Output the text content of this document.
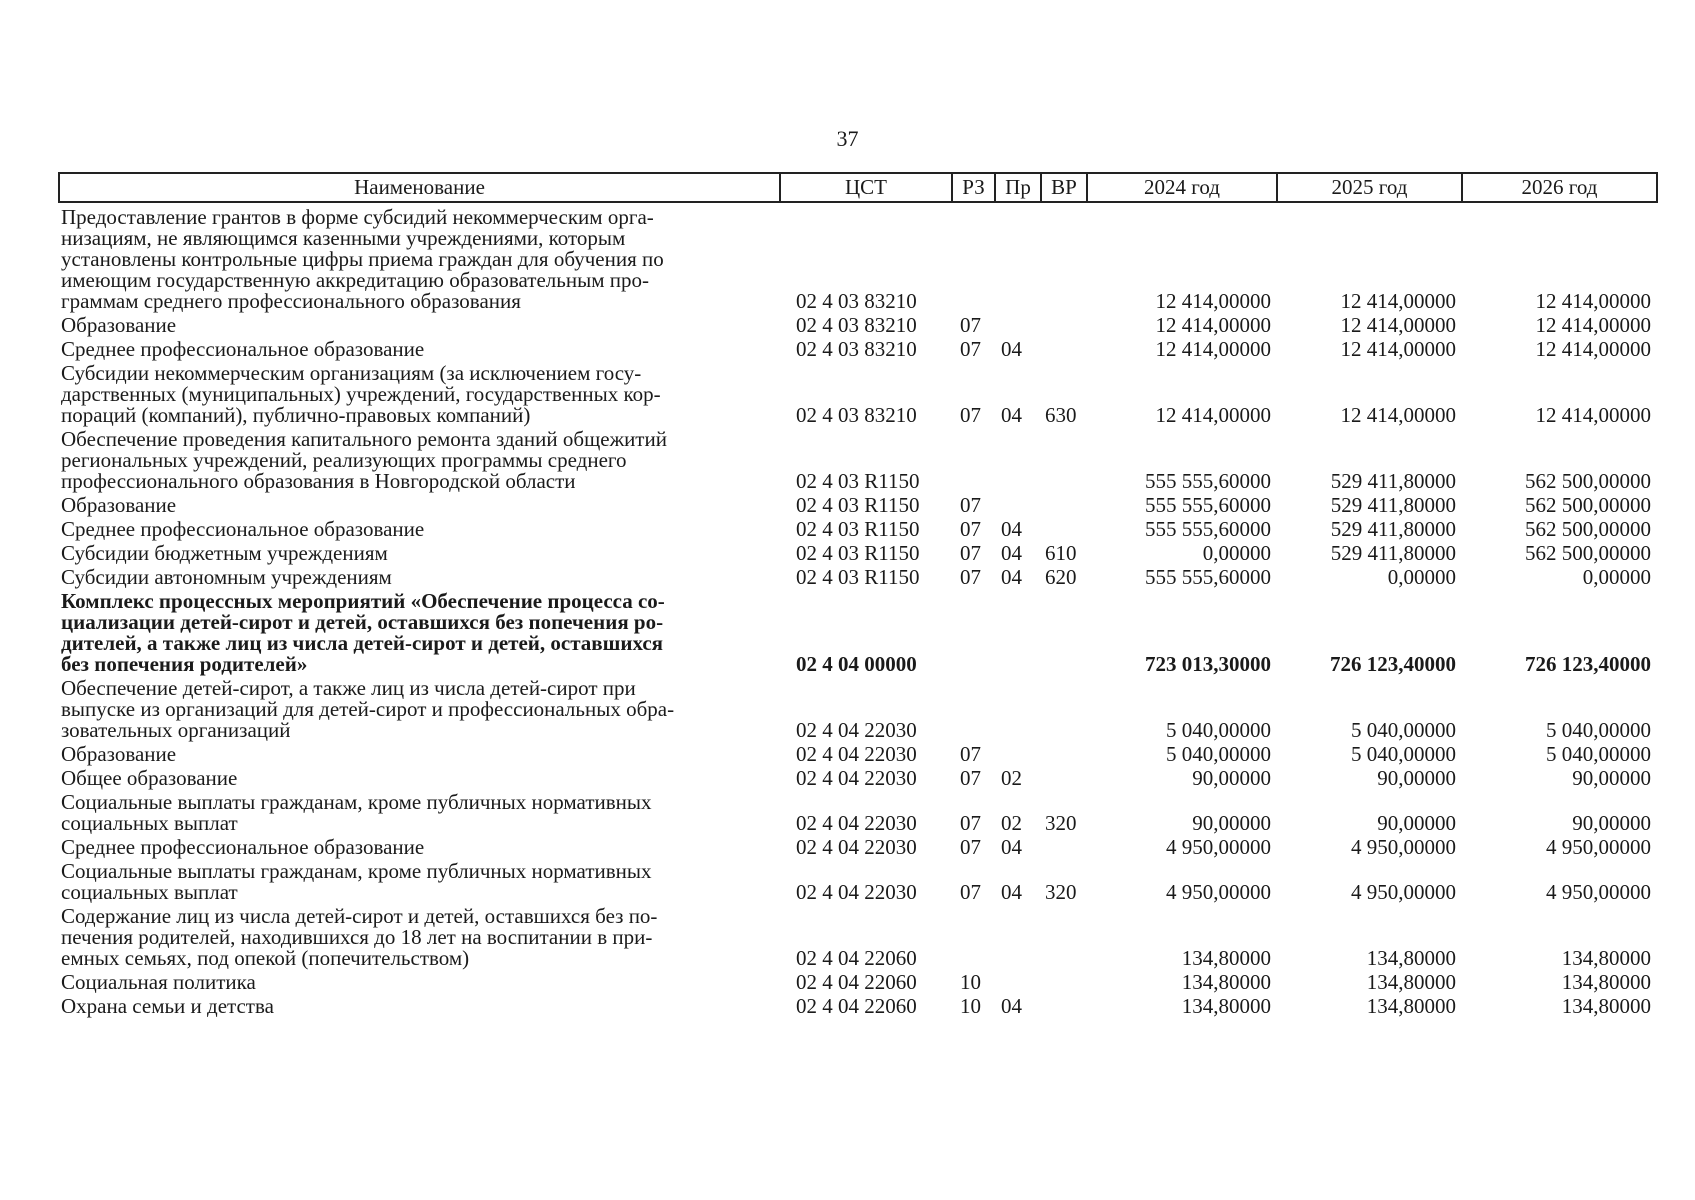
37
Наименование	ЦСТ	РЗ	Пр	ВР	2024 год	2025 год	2026 год
Предоставление грантов в форме субсидий некоммерческим орга-
низациям, не являющимся казенными учреждениями, которым
установлены контрольные цифры приема граждан для обучения по
имеющим государственную аккредитацию образовательным про-
граммам среднего профессионального образования	02 4 03 83210				12 414,00000	12 414,00000	12 414,00000
Образование	02 4 03 83210	07			12 414,00000	12 414,00000	12 414,00000
Среднее профессиональное образование	02 4 03 83210	07	04		12 414,00000	12 414,00000	12 414,00000
Субсидии некоммерческим организациям (за исключением госу-
дарственных (муниципальных) учреждений, государственных кор-
пораций (компаний), публично-правовых компаний)	02 4 03 83210	07	04	630	12 414,00000	12 414,00000	12 414,00000
Обеспечение проведения капитального ремонта зданий общежитий
региональных учреждений, реализующих программы среднего
профессионального образования в Новгородской области	02 4 03 R1150				555 555,60000	529 411,80000	562 500,00000
Образование	02 4 03 R1150	07			555 555,60000	529 411,80000	562 500,00000
Среднее профессиональное образование	02 4 03 R1150	07	04		555 555,60000	529 411,80000	562 500,00000
Субсидии бюджетным учреждениям	02 4 03 R1150	07	04	610	0,00000	529 411,80000	562 500,00000
Субсидии автономным учреждениям	02 4 03 R1150	07	04	620	555 555,60000	0,00000	0,00000
Комплекс процессных мероприятий «Обеспечение процесса со-
циализации детей-сирот и детей, оставшихся без попечения ро-
дителей, а также лиц из числа детей-сирот и детей, оставшихся
без попечения родителей»	02 4 04 00000				723 013,30000	726 123,40000	726 123,40000
Обеспечение детей-сирот, а также лиц из числа детей-сирот при
выпуске из организаций для детей-сирот и профессиональных обра-
зовательных организаций	02 4 04 22030				5 040,00000	5 040,00000	5 040,00000
Образование	02 4 04 22030	07			5 040,00000	5 040,00000	5 040,00000
Общее образование	02 4 04 22030	07	02		90,00000	90,00000	90,00000
Социальные выплаты гражданам, кроме публичных нормативных
социальных выплат	02 4 04 22030	07	02	320	90,00000	90,00000	90,00000
Среднее профессиональное образование	02 4 04 22030	07	04		4 950,00000	4 950,00000	4 950,00000
Социальные выплаты гражданам, кроме публичных нормативных
социальных выплат	02 4 04 22030	07	04	320	4 950,00000	4 950,00000	4 950,00000
Содержание лиц из числа детей-сирот и детей, оставшихся без по-
печения родителей, находившихся до 18 лет на воспитании в при-
емных семьях, под опекой (попечительством)	02 4 04 22060				134,80000	134,80000	134,80000
Социальная политика	02 4 04 22060	10			134,80000	134,80000	134,80000
Охрана семьи и детства	02 4 04 22060	10	04		134,80000	134,80000	134,80000
